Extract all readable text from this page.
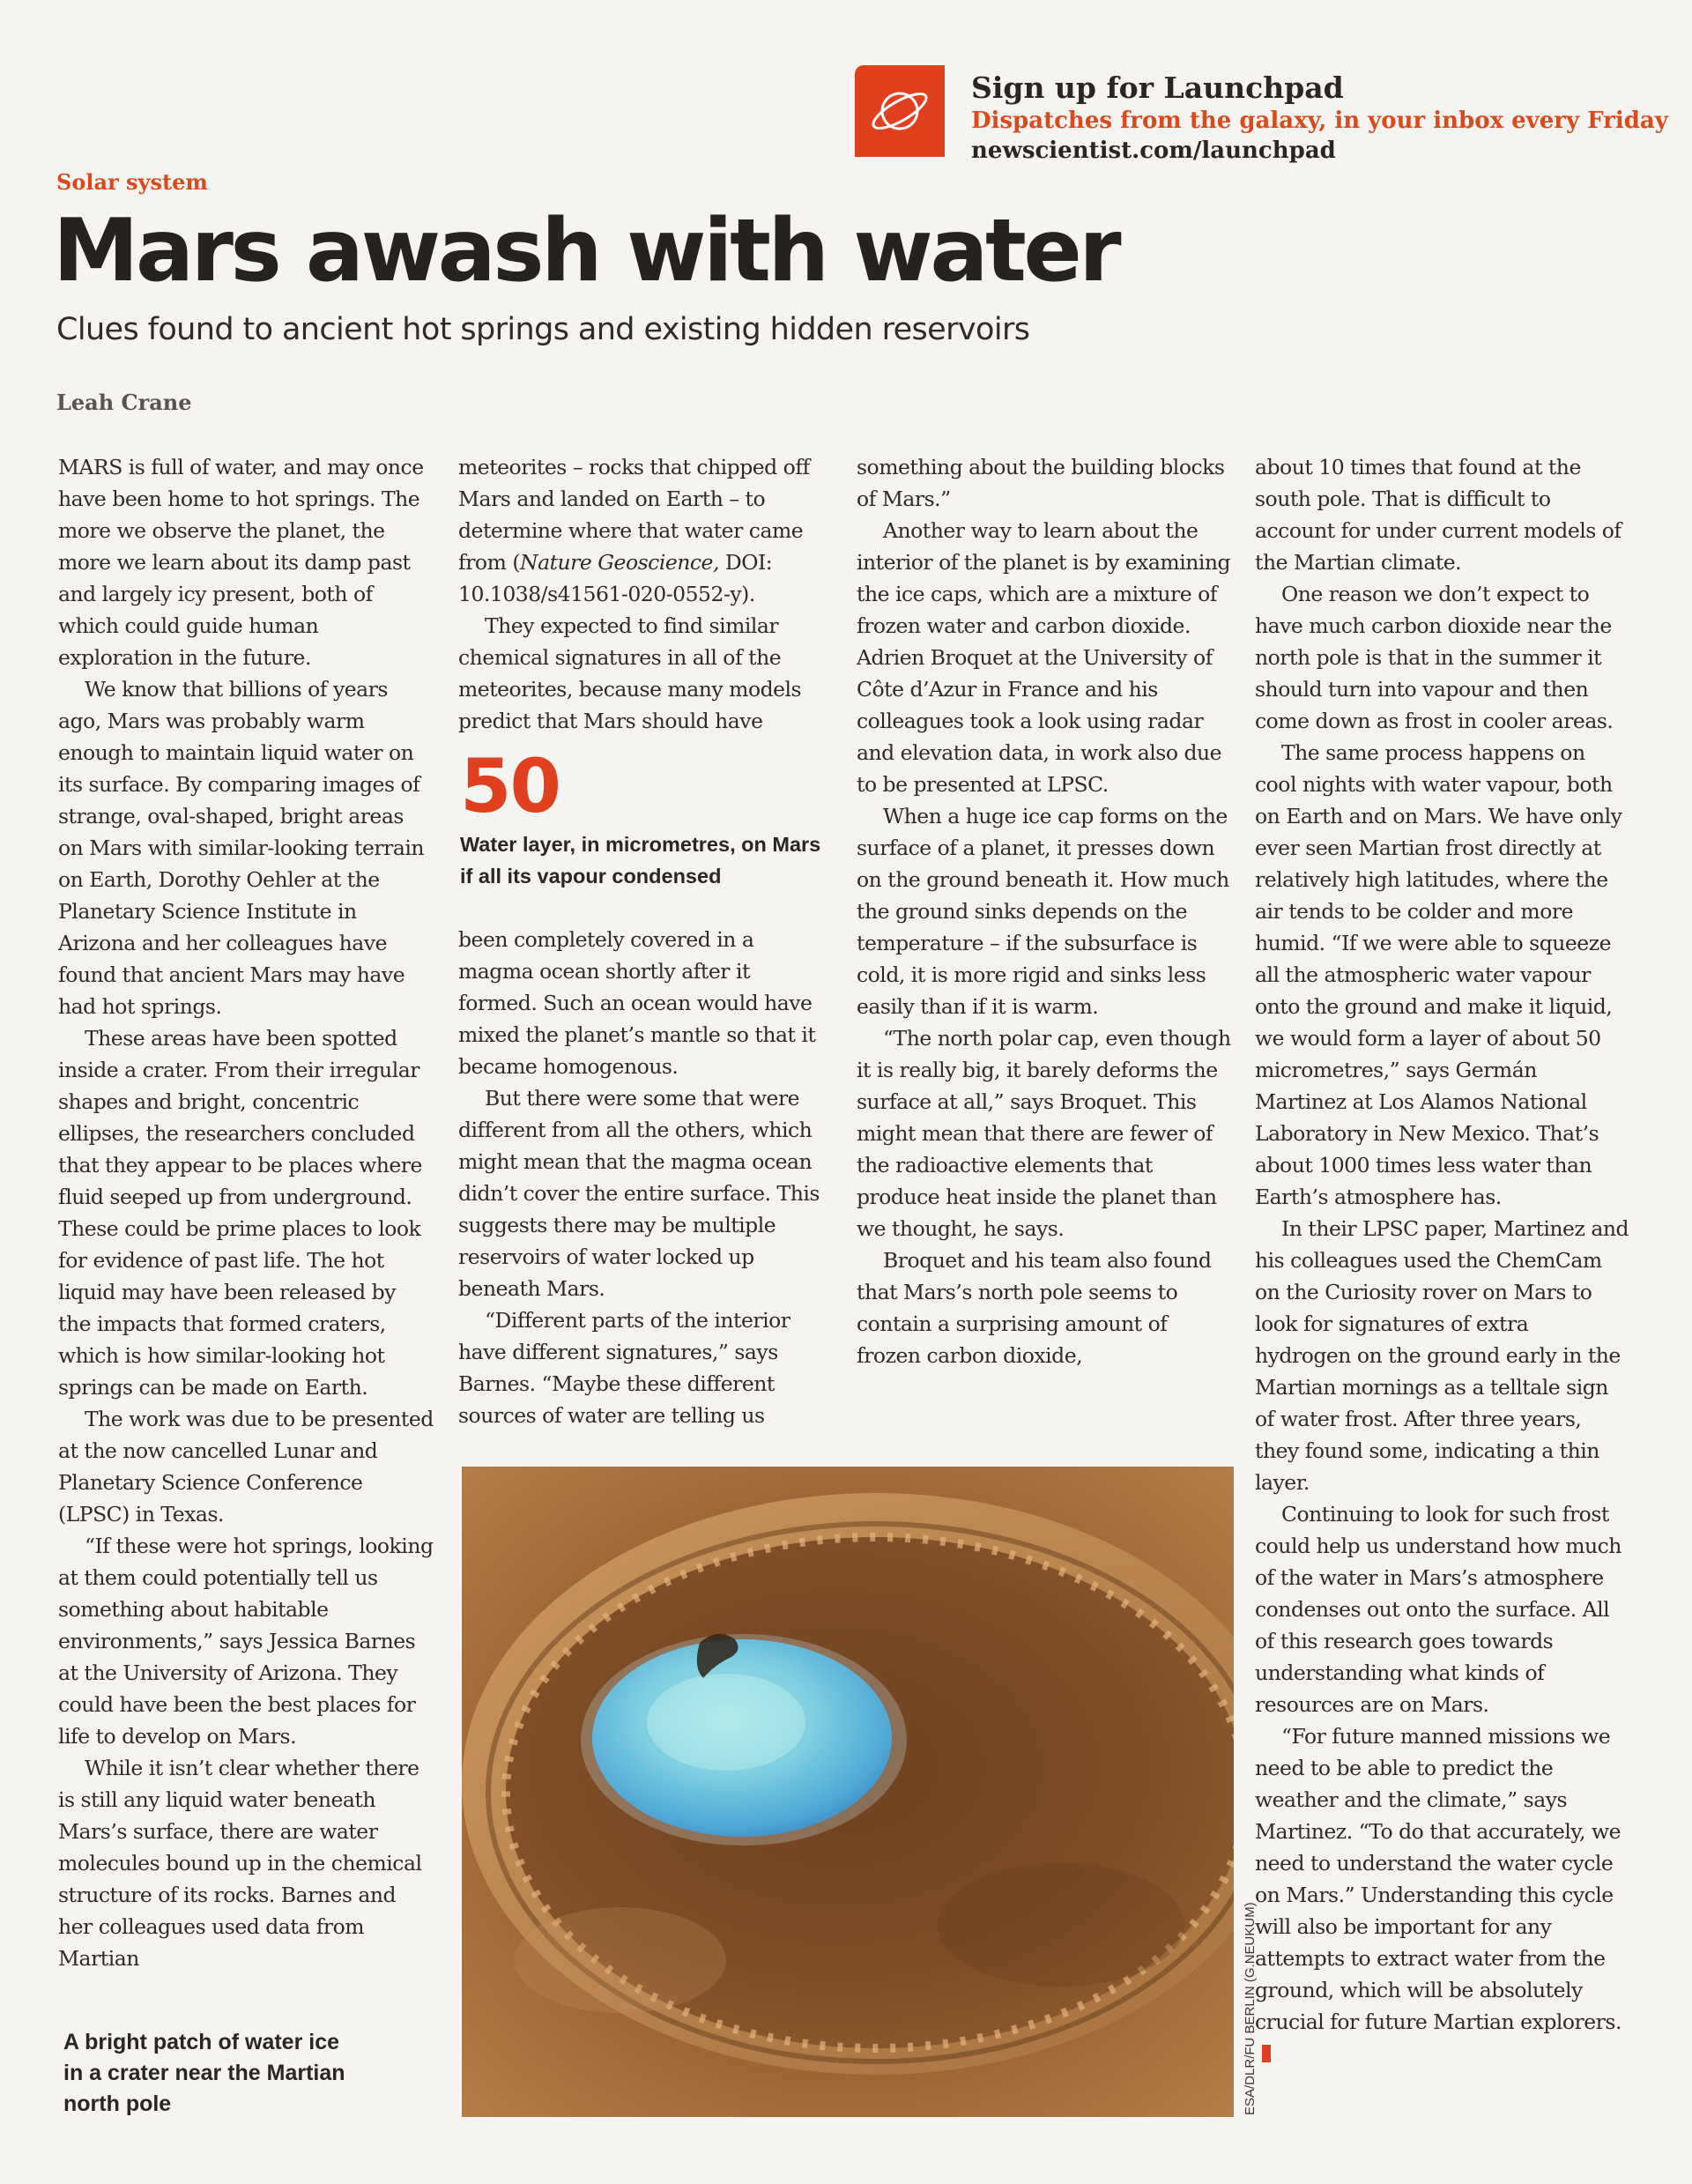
Sign up for Launchpad
Dispatches from the galaxy, in your inbox every Friday
newscientist.com/launchpad
Solar system
Mars awash with water
Clues found to ancient hot springs and existing hidden reservoirs
Leah Crane

MARS is full of water, and may once have been home to hot springs. The more we observe the planet, the more we learn about its damp past and largely icy present, both of which could guide human exploration in the future.

We know that billions of years ago, Mars was probably warm enough to maintain liquid water on its surface. By comparing images of strange, oval-shaped, bright areas on Mars with similar-looking terrain on Earth, Dorothy Oehler at the Planetary Science Institute in Arizona and her colleagues have found that ancient Mars may have had hot springs.

These areas have been spotted inside a crater. From their irregular shapes and bright, concentric ellipses, the researchers concluded that they appear to be places where fluid seeped up from underground. These could be prime places to look for evidence of past life. The hot liquid may have been released by the impacts that formed craters, which is how similar-looking hot springs can be made on Earth.

The work was due to be presented at the now cancelled Lunar and Planetary Science Conference (LPSC) in Texas.

“If these were hot springs, looking at them could potentially tell us something about habitable environments,” says Jessica Barnes at the University of Arizona. They could have been the best places for life to develop on Mars.

While it isn’t clear whether there is still any liquid water beneath Mars’s surface, there are water molecules bound up in the chemical structure of its rocks. Barnes and her colleagues used data from Martian

meteorites – rocks that chipped off Mars and landed on Earth – to determine where that water came from (Nature Geoscience, DOI: 10.1038/s41561-020-0552-y).

They expected to find similar chemical signatures in all of the meteorites, because many models predict that Mars should have

50
Water layer, in micrometres, on Mars if all its vapour condensed

been completely covered in a magma ocean shortly after it formed. Such an ocean would have mixed the planet’s mantle so that it became homogenous.

But there were some that were different from all the others, which might mean that the magma ocean didn’t cover the entire surface. This suggests there may be multiple reservoirs of water locked up beneath Mars.

“Different parts of the interior have different signatures,” says Barnes. “Maybe these different sources of water are telling us

something about the building blocks of Mars.”

Another way to learn about the interior of the planet is by examining the ice caps, which are a mixture of frozen water and carbon dioxide. Adrien Broquet at the University of Côte d’Azur in France and his colleagues took a look using radar and elevation data, in work also due to be presented at LPSC.

When a huge ice cap forms on the surface of a planet, it presses down on the ground beneath it. How much the ground sinks depends on the temperature – if the subsurface is cold, it is more rigid and sinks less easily than if it is warm.

“The north polar cap, even though it is really big, it barely deforms the surface at all,” says Broquet. This might mean that there are fewer of the radioactive elements that produce heat inside the planet than we thought, he says.

Broquet and his team also found that Mars’s north pole seems to contain a surprising amount of frozen carbon dioxide,

about 10 times that found at the south pole. That is difficult to account for under current models of the Martian climate.

One reason we don’t expect to have much carbon dioxide near the north pole is that in the summer it should turn into vapour and then come down as frost in cooler areas.

The same process happens on cool nights with water vapour, both on Earth and on Mars. We have only ever seen Martian frost directly at relatively high latitudes, where the air tends to be colder and more humid. “If we were able to squeeze all the atmospheric water vapour onto the ground and make it liquid, we would form a layer of about 50 micrometres,” says Germán Martinez at Los Alamos National Laboratory in New Mexico. That’s about 1000 times less water than Earth’s atmosphere has.

In their LPSC paper, Martinez and his colleagues used the ChemCam on the Curiosity rover on Mars to look for signatures of extra hydrogen on the ground early in the Martian mornings as a telltale sign of water frost. After three years, they found some, indicating a thin layer.

Continuing to look for such frost could help us understand how much of the water in Mars’s atmosphere condenses out onto the surface. All of this research goes towards understanding what kinds of resources are on Mars.

“For future manned missions we need to be able to predict the weather and the climate,” says Martinez. “To do that accurately, we need to understand the water cycle on Mars.” Understanding this cycle will also be important for any attempts to extract water from the ground, which will be absolutely crucial for future Martian explorers.

ESA/DLR/FU BERLIN (G.NEUKUM)
A bright patch of water ice in a crater near the Martian north pole
